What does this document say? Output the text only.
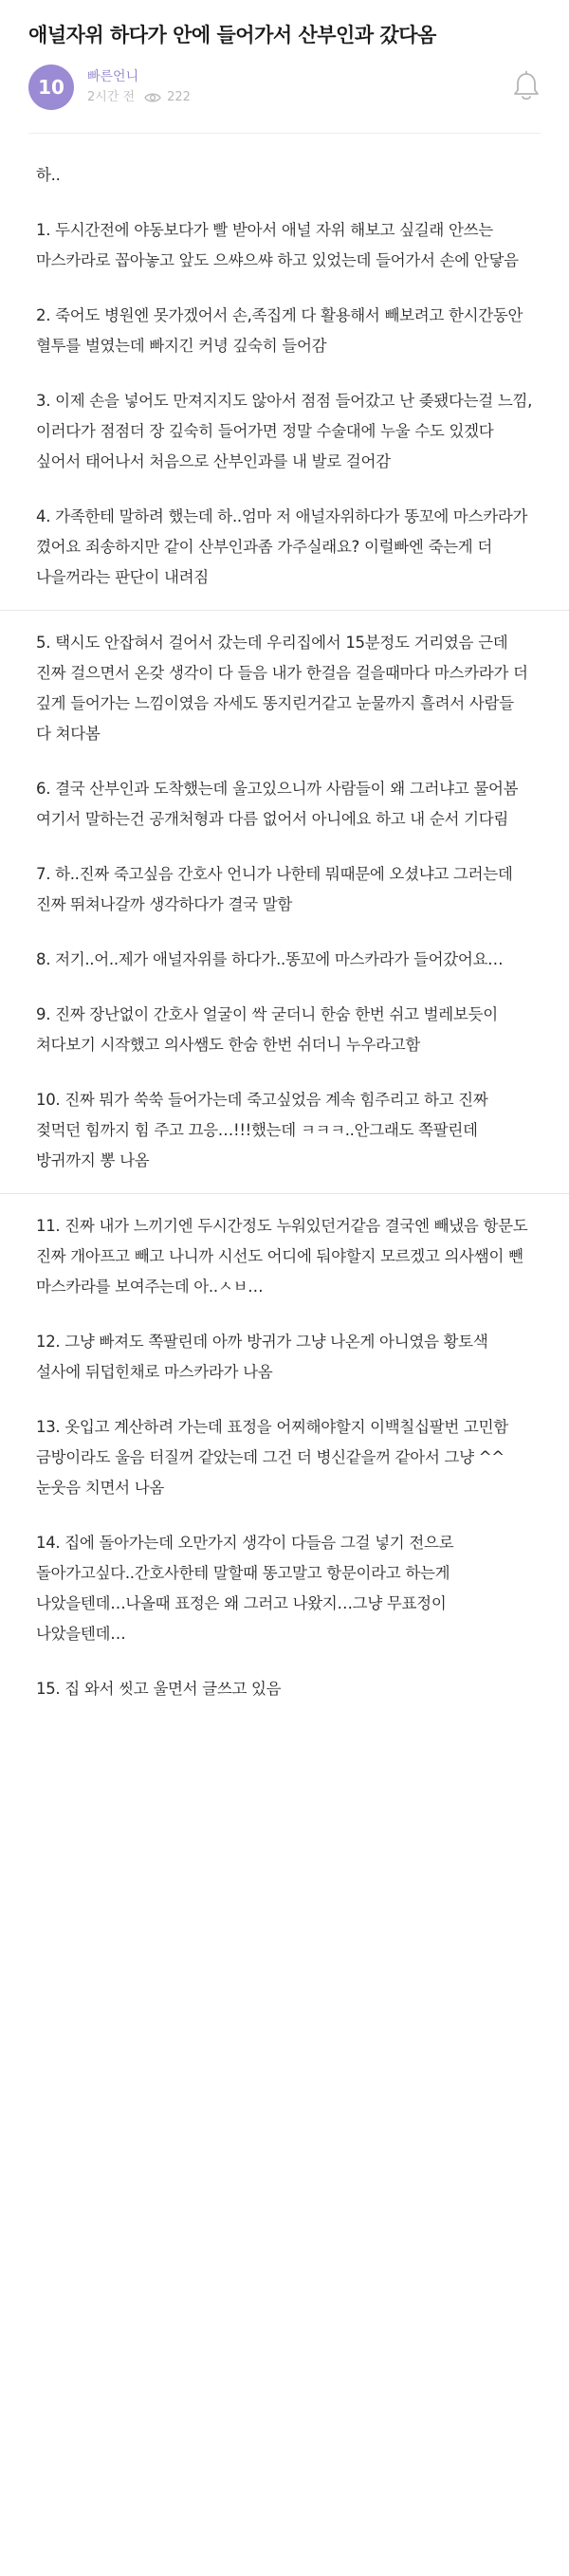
애널자위 하다가 안에 들어가서 산부인과 갔다옴
10	빠른언니
2시간 전	222

하..

1. 두시간전에 야동보다가 빨 받아서 애널 자위 해보고 싶길래 안쓰는 마스카라로 꼽아놓고 앞도 으쌰으쌰 하고 있었는데 들어가서 손에 안닿음

2. 죽어도 병원엔 못가겠어서 손,족집게 다 활용해서 빼보려고 한시간동안 혈투를 벌였는데 빠지긴 커녕 깊숙히 들어감

3. 이제 손을 넣어도 만져지지도 않아서 점점 들어갔고 난 좆됐다는걸 느낌, 이러다가 점점더 장 깊숙히 들어가면 정말 수술대에 누울 수도 있겠다 싶어서 태어나서 처음으로 산부인과를 내 발로 걸어감

4. 가족한테 말하려 했는데 하..엄마 저 애널자위하다가 똥꼬에 마스카라가 꼈어요 죄송하지만 같이 산부인과좀 가주실래요? 이럴빠엔 죽는게 더 나을꺼라는 판단이 내려짐

5. 택시도 안잡혀서 걸어서 갔는데 우리집에서 15분정도 거리였음 근데 진짜 걸으면서 온갖 생각이 다 들음 내가 한걸음 걸을때마다 마스카라가 더 깊게 들어가는 느낌이였음 자세도 똥지린거같고 눈물까지 흘려서 사람들 다 쳐다봄

6. 결국 산부인과 도착했는데 울고있으니까 사람들이 왜 그러냐고 물어봄 여기서 말하는건 공개처형과 다름 없어서 아니에요 하고 내 순서 기다림

7. 하..진짜 죽고싶음 간호사 언니가 나한테 뭐때문에 오셨냐고 그러는데 진짜 뛰쳐나갈까 생각하다가 결국 말함

8. 저기..어..제가 애널자위를 하다가..똥꼬에 마스카라가 들어갔어요…

9. 진짜 장난없이 간호사 얼굴이 싹 굳더니 한숨 한번 쉬고 벌레보듯이 쳐다보기 시작했고 의사쌤도 한숨 한번 쉬더니 누우라고함

10. 진짜 뭐가 쑥쑥 들어가는데 죽고싶었음 계속 힘주리고 하고 진짜 젖먹던 힘까지 힘 주고 끄응…!!!했는데 ㅋㅋㅋ..안그래도 쪽팔린데 방귀까지 뽕 나옴

11. 진짜 내가 느끼기엔 두시간정도 누워있던거같음 결국엔 빼냈음 항문도 진짜 개아프고 빼고 나니까 시선도 어디에 둬야할지 모르겠고 의사쌤이 뺀 마스카라를 보여주는데 아..ㅅㅂ…

12. 그냥 빠져도 쪽팔린데 아까 방귀가 그냥 나온게 아니였음 황토색 설사에 뒤덥힌채로 마스카라가 나옴

13. 옷입고 계산하려 가는데 표정을 어찌해야할지 이백칠십팔번 고민함 금방이라도 울음 터질꺼 같았는데 그건 더 병신같을꺼 같아서 그냥 ^^ 눈웃음 치면서 나옴

14. 집에 돌아가는데 오만가지 생각이 다들음 그걸 넣기 전으로 돌아가고싶다..간호사한테 말할때 똥고말고 항문이라고 하는게 나았을텐데…나올때 표정은 왜 그러고 나왔지…그냥 무표정이 나았을텐데…

15. 집 와서 씻고 울면서 글쓰고 있음
